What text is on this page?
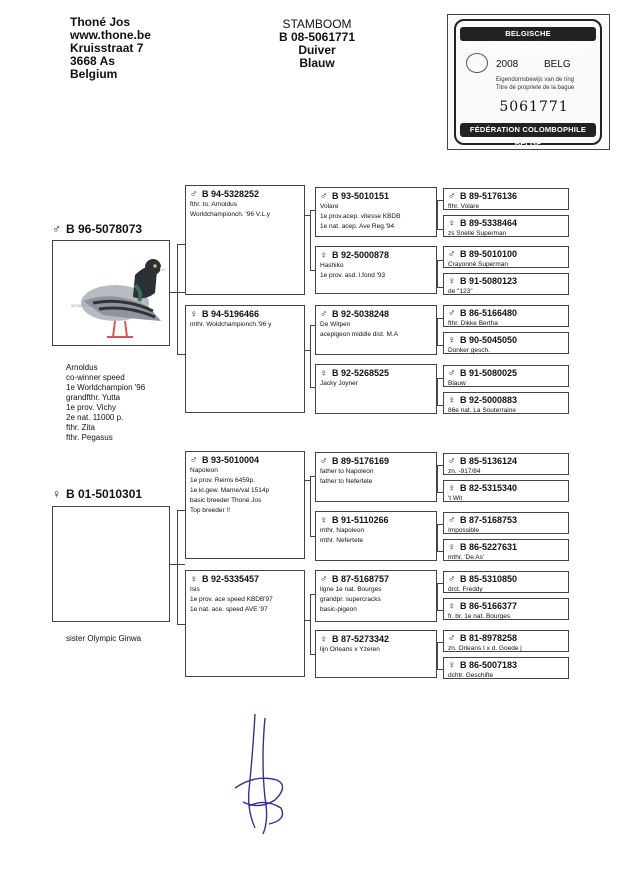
Thoné Jos
www.thone.be
Kruisstraat 7
3668 As
Belgium
STAMBOOM
B 08-5061771
Duiver
Blauw
BELGISCHE DUIVENLIEFHEBBERSBOND
2008	BELG
Eigendomsbewijs van de ring
Titre de propriete de la bague
5061771
FÉDÉRATION COLOMBOPHILE BELGE
♂ B 96-5078073
5078073-96
Arnoldus
co-winner speed
1e Worldchampion '96
grandfthr. Yutta
1e prov. Vichy
2e nat. 11000 p.
fthr. Zita
fthr. Pegasus
♀ B 01-5010301
sister Olympic Ginwa
♂ B 94-5328252
fthr. to. Arnoldus
Worldchampionch. '96 V.L.y
♀ B 94-5196466
mthr. Woldchampionch.'96 y
♂ B 93-5010004
Napoleon
1e prov. Reims 6459p.
1e kl.gew. Marne/val 1514p
basic breeder Thoné Jos
Top breeder !!
♀ B 92-5335457
Isis
1e prov. ace speed KBDB'97
1e nat. ace. speed AVE '97
♂ B 93-5010151
Volare
1e prov.acep. vitesse KBDB
1e nat. acep. Ave Reg.'94
♀ B 92-5000878
Hashiko
1e prov. asd. l.fond '93
♂ B 92-5038248
De Witpen
acepigeon middle dist. M.A
♀ B 92-5268525
Jacky Joyner
♂ B 89-5176169
father to Napoleon
father to Nefertete
♀ B 91-5110266
mthr. Napoleon
mthr. Nefertete
♂ B 87-5168757
ligne 1e nat. Bourges
grandpr. supercracks
basic-pigeon
♀ B 87-5273342
lijn Orleans x Yzeren
♂ B 89-5176136
fthr. Volare
♀ B 89-5338464
zs Snelle Superman
♂ B 89-5010100
Crayonné Superman
♀ B 91-5080123
de "123"
♂ B 86-5166480
fthr. Dikke Bertha
♀ B 90-5045050
Donker gesch.
♂ B 91-5080025
Blauw
♀ B 92-5000883
86e nat. La Souterraine
♂ B 85-5136124
zn. -917/84
♀ B 82-5315340
't Wit
♂ B 87-5168753
Impossible
♀ B 86-5227631
mthr. 'De As'
♂ B 85-5310850
drct. Freddy
♀ B 86-5166377
fr. br. 1e nat. Bourges
♂ B 81-8978258
zn. Orleans I x d. Goede j
♀ B 86-5007183
dchtr. Geschifte
